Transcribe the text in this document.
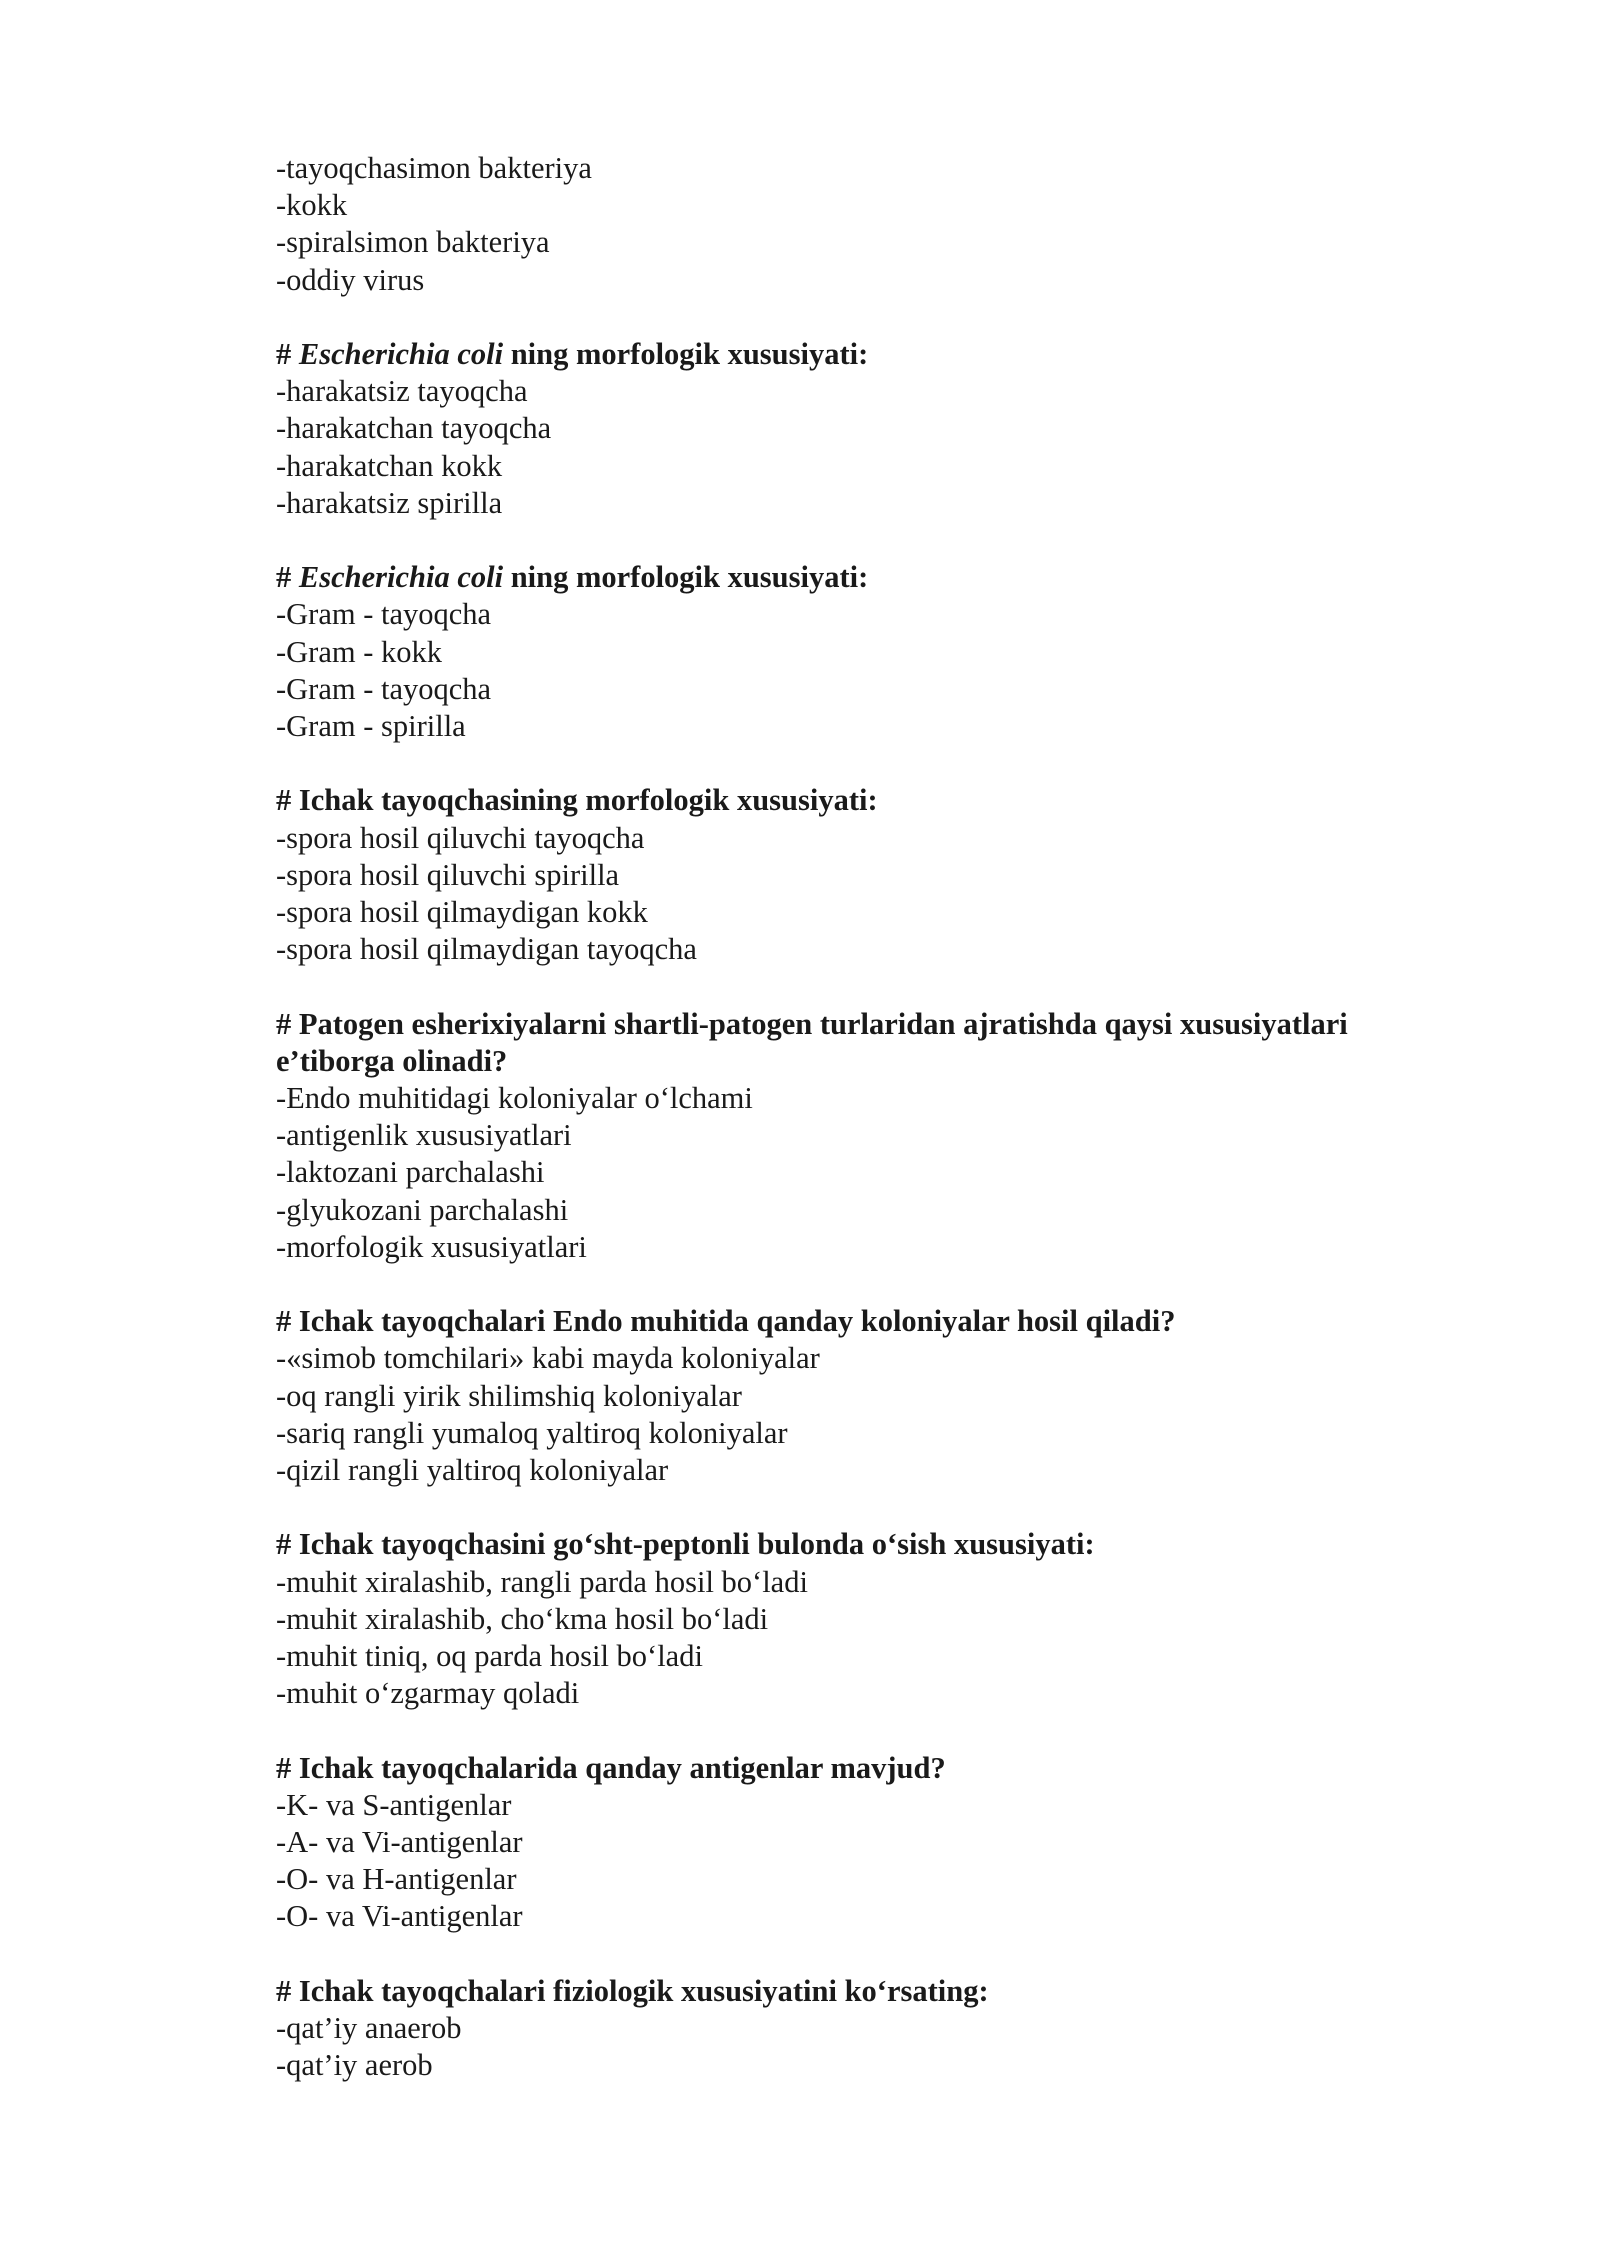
-tayoqchasimon bakteriya

-kokk

-spiralsimon bakteriya

-oddiy virus

# Escherichia coli ning morfologik xususiyati:

-harakatsiz tayoqcha

-harakatchan tayoqcha

-harakatchan kokk

-harakatsiz spirilla

# Escherichia coli ning morfologik xususiyati:

-Gram - tayoqcha

-Gram - kokk

-Gram - tayoqcha

-Gram - spirilla

# Ichak tayoqchasining morfologik xususiyati:

-spora hosil qiluvchi tayoqcha

-spora hosil qiluvchi spirilla

-spora hosil qilmaydigan kokk

-spora hosil qilmaydigan tayoqcha

# Patogen esherixiyalarni shartli-patogen turlaridan ajratishda qaysi xususiyatlari e’tiborga olinadi?

-Endo muhitidagi koloniyalar o‘lchami

-antigenlik xususiyatlari

-laktozani parchalashi

-glyukozani parchalashi

-morfologik xususiyatlari

# Ichak tayoqchalari Endo muhitida qanday koloniyalar hosil qiladi?

-«simob tomchilari» kabi mayda koloniyalar

-oq rangli yirik shilimshiq koloniyalar

-sariq rangli yumaloq yaltiroq koloniyalar

-qizil rangli yaltiroq koloniyalar

# Ichak tayoqchasini go‘sht-peptonli bulonda o‘sish xususiyati:

-muhit xiralashib, rangli parda hosil bo‘ladi

-muhit xiralashib, cho‘kma hosil bo‘ladi

-muhit tiniq, oq parda hosil bo‘ladi

-muhit o‘zgarmay qoladi

# Ichak tayoqchalarida qanday antigenlar mavjud?

-K- va S-antigenlar

-A- va Vi-antigenlar

-O- va H-antigenlar

-O- va Vi-antigenlar

# Ichak tayoqchalari fiziologik xususiyatini ko‘rsating:

-qat’iy anaerob

-qat’iy aerob
